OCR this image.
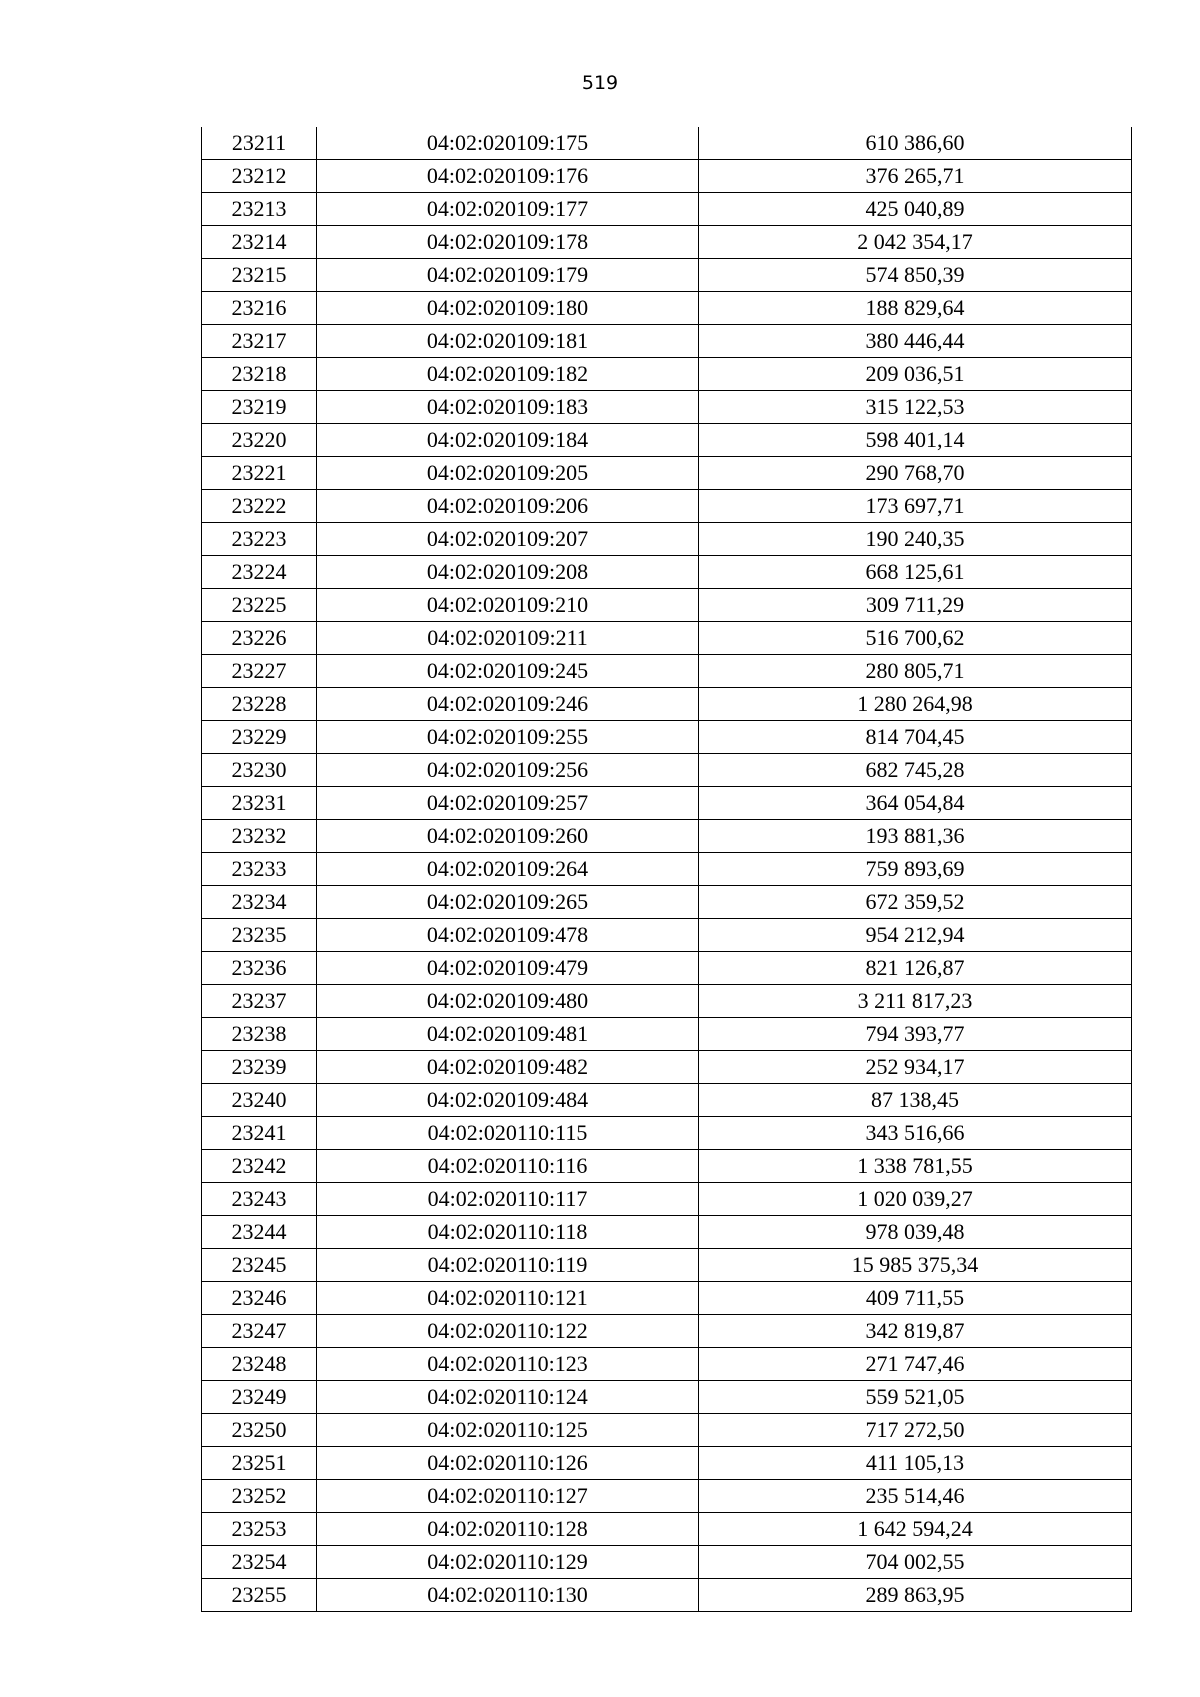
519
23211	04:02:020109:175	610 386,60
23212	04:02:020109:176	376 265,71
23213	04:02:020109:177	425 040,89
23214	04:02:020109:178	2 042 354,17
23215	04:02:020109:179	574 850,39
23216	04:02:020109:180	188 829,64
23217	04:02:020109:181	380 446,44
23218	04:02:020109:182	209 036,51
23219	04:02:020109:183	315 122,53
23220	04:02:020109:184	598 401,14
23221	04:02:020109:205	290 768,70
23222	04:02:020109:206	173 697,71
23223	04:02:020109:207	190 240,35
23224	04:02:020109:208	668 125,61
23225	04:02:020109:210	309 711,29
23226	04:02:020109:211	516 700,62
23227	04:02:020109:245	280 805,71
23228	04:02:020109:246	1 280 264,98
23229	04:02:020109:255	814 704,45
23230	04:02:020109:256	682 745,28
23231	04:02:020109:257	364 054,84
23232	04:02:020109:260	193 881,36
23233	04:02:020109:264	759 893,69
23234	04:02:020109:265	672 359,52
23235	04:02:020109:478	954 212,94
23236	04:02:020109:479	821 126,87
23237	04:02:020109:480	3 211 817,23
23238	04:02:020109:481	794 393,77
23239	04:02:020109:482	252 934,17
23240	04:02:020109:484	87 138,45
23241	04:02:020110:115	343 516,66
23242	04:02:020110:116	1 338 781,55
23243	04:02:020110:117	1 020 039,27
23244	04:02:020110:118	978 039,48
23245	04:02:020110:119	15 985 375,34
23246	04:02:020110:121	409 711,55
23247	04:02:020110:122	342 819,87
23248	04:02:020110:123	271 747,46
23249	04:02:020110:124	559 521,05
23250	04:02:020110:125	717 272,50
23251	04:02:020110:126	411 105,13
23252	04:02:020110:127	235 514,46
23253	04:02:020110:128	1 642 594,24
23254	04:02:020110:129	704 002,55
23255	04:02:020110:130	289 863,95
